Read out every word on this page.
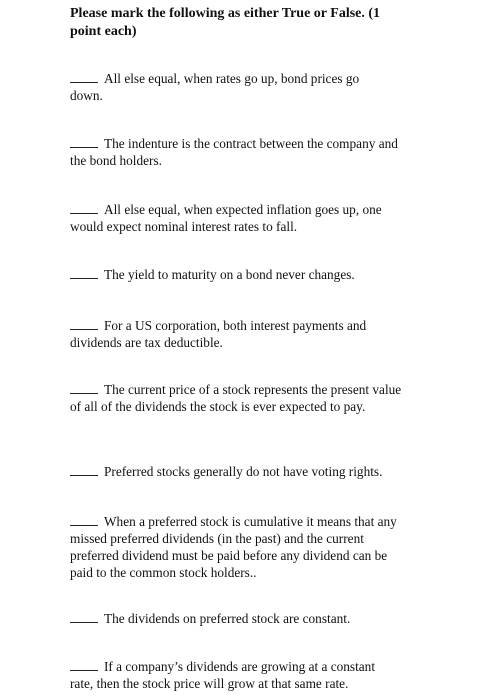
Please mark the following as either True or False. (1 point each)
All else equal, when rates go up, bond prices go down.
The indenture is the contract between the company and the bond holders.
All else equal, when expected inflation goes up, one would expect nominal interest rates to fall.
The yield to maturity on a bond never changes.
For a US corporation, both interest payments and dividends are tax deductible.
The current price of a stock represents the present value of all of the dividends the stock is ever expected to pay.
Preferred stocks generally do not have voting rights.
When a preferred stock is cumulative it means that any missed preferred dividends (in the past) and the current preferred dividend must be paid before any dividend can be paid to the common stock holders..
The dividends on preferred stock are constant.
If a company’s dividends are growing at a constant rate, then the stock price will grow at that same rate.
